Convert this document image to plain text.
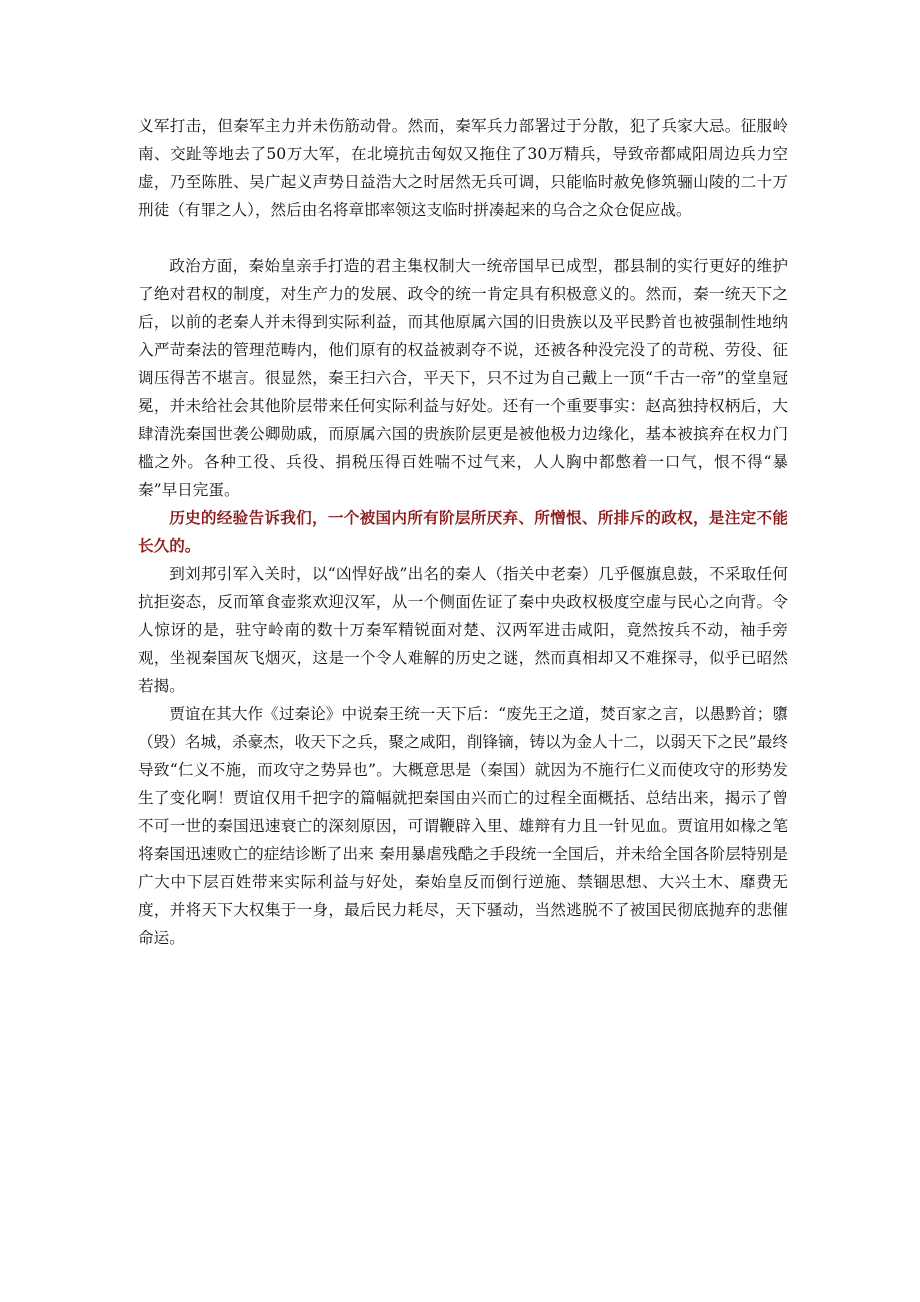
义军打击，但秦军主力并未伤筋动骨。然而，秦军兵力部署过于分散，犯了兵家大忌。征服岭南、交趾等地去了50万大军，在北境抗击匈奴又拖住了30万精兵，导致帝都咸阳周边兵力空虚，乃至陈胜、吴广起义声势日益浩大之时居然无兵可调，只能临时赦免修筑骊山陵的二十万刑徒（有罪之人），然后由名将章邯率领这支临时拼凑起来的乌合之众仓促应战。

政治方面，秦始皇亲手打造的君主集权制大一统帝国早已成型，郡县制的实行更好的维护了绝对君权的制度，对生产力的发展、政令的统一肯定具有积极意义的。然而，秦一统天下之后，以前的老秦人并未得到实际利益，而其他原属六国的旧贵族以及平民黔首也被强制性地纳入严苛秦法的管理范畴内，他们原有的权益被剥夺不说，还被各种没完没了的苛税、劳役、征调压得苦不堪言。很显然，秦王扫六合，平天下，只不过为自己戴上一顶“千古一帝”的堂皇冠冕，并未给社会其他阶层带来任何实际利益与好处。还有一个重要事实：赵高独持权柄后，大肆清洗秦国世袭公卿勋戚，而原属六国的贵族阶层更是被他极力边缘化，基本被摈弃在权力门槛之外。各种工役、兵役、捐税压得百姓喘不过气来，人人胸中都憋着一口气，恨不得“暴秦”早日完蛋。

历史的经验告诉我们，一个被国内所有阶层所厌弃、所憎恨、所排斥的政权，是注定不能长久的。

到刘邦引军入关时，以“凶悍好战”出名的秦人（指关中老秦）几乎偃旗息鼓，不采取任何抗拒姿态，反而箪食壶浆欢迎汉军，从一个侧面佐证了秦中央政权极度空虚与民心之向背。令人惊讶的是，驻守岭南的数十万秦军精锐面对楚、汉两军进击咸阳，竟然按兵不动，袖手旁观，坐视秦国灰飞烟灭，这是一个令人难解的历史之谜，然而真相却又不难探寻，似乎已昭然若揭。

贾谊在其大作《过秦论》中说秦王统一天下后：“废先王之道，焚百家之言，以愚黔首；隳（毁）名城，杀豪杰，收天下之兵，聚之咸阳，削锋镝，铸以为金人十二，以弱天下之民”最终导致“仁义不施，而攻守之势异也”。大概意思是（秦国）就因为不施行仁义而使攻守的形势发生了变化啊！贾谊仅用千把字的篇幅就把秦国由兴而亡的过程全面概括、总结出来，揭示了曾不可一世的秦国迅速衰亡的深刻原因，可谓鞭辟入里、雄辩有力且一针见血。贾谊用如椽之笔将秦国迅速败亡的症结诊断了出来 秦用暴虐残酷之手段统一全国后，并未给全国各阶层特别是广大中下层百姓带来实际利益与好处，秦始皇反而倒行逆施、禁锢思想、大兴土木、靡费无度，并将天下大权集于一身，最后民力耗尽，天下骚动，当然逃脱不了被国民彻底抛弃的悲催命运。
